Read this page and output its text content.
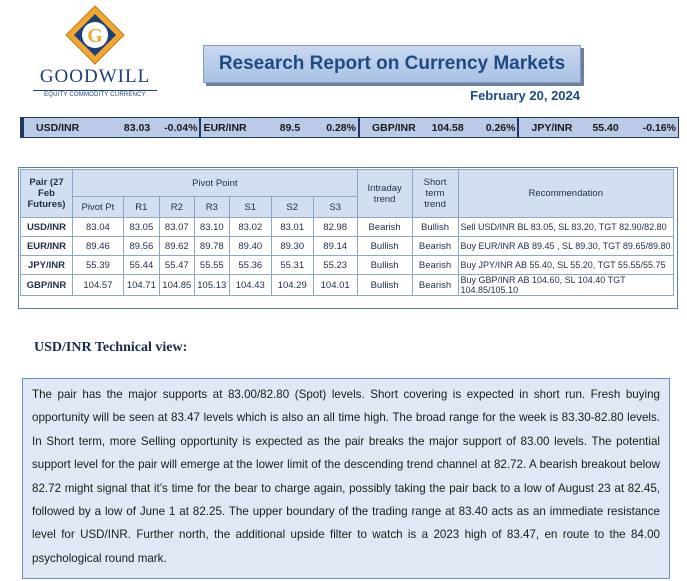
G
GOODWILL
EQUITY COMMODITY CURRENCY
Research Report on Currency Markets
February 20, 2024
USD/INR	83.03 -0.04% EUR/INR	89.5 0.28%	GBP/INR 104.58 0.26%	JPY/INR 55.40 -0.16%
Pair (27 Feb Futures)	Pivot Point							Intraday trend	Short term trend	Recommendation
	Pivot Pt	R1	R2	R3	S1	S2	S3			
USD/INR	83.04	83.05	83.07	83.10	83.02	83.01	82.98	Bearish	Bullish	Sell USD/INR BL 83.05, SL 83.20, TGT 82.90/82.80
EUR/INR	89.46	89.56	89.62	89.78	89.40	89.30	89.14	Bullish	Bearish	Buy EUR/INR AB 89.45 , SL 89.30, TGT 89.65/89.80
JPY/INR	55.39	55.44	55.47	55.55	55.36	55.31	55.23	Bullish	Bearish	Buy JPY/INR AB 55.40, SL 55.20, TGT 55.55/55.75
GBP/INR	104.57	104.71	104.85	105.13	104.43	104.29	104.01	Bullish	Bearish	Buy GBP/INR AB 104.60, SL 104.40 TGT 104.85/105.10
USD/INR Technical view:

The pair has the major supports at 83.00/82.80 (Spot) levels. Short covering is expected in short run. Fresh buying opportunity will be seen at 83.47 levels which is also an all time high. The broad range for the week is 83.30-82.80 levels. In Short term, more Selling opportunity is expected as the pair breaks the major support of 83.00 levels. The potential support level for the pair will emerge at the lower limit of the descending trend channel at 82.72. A bearish breakout below 82.72 might signal that it’s time for the bear to charge again, possibly taking the pair back to a low of August 23 at 82.45, followed by a low of June 1 at 82.25. The upper boundary of the trading range at 83.40 acts as an immediate resistance level for USD/INR. Further north, the additional upside filter to watch is a 2023 high of 83.47, en route to the 84.00 psychological round mark.
